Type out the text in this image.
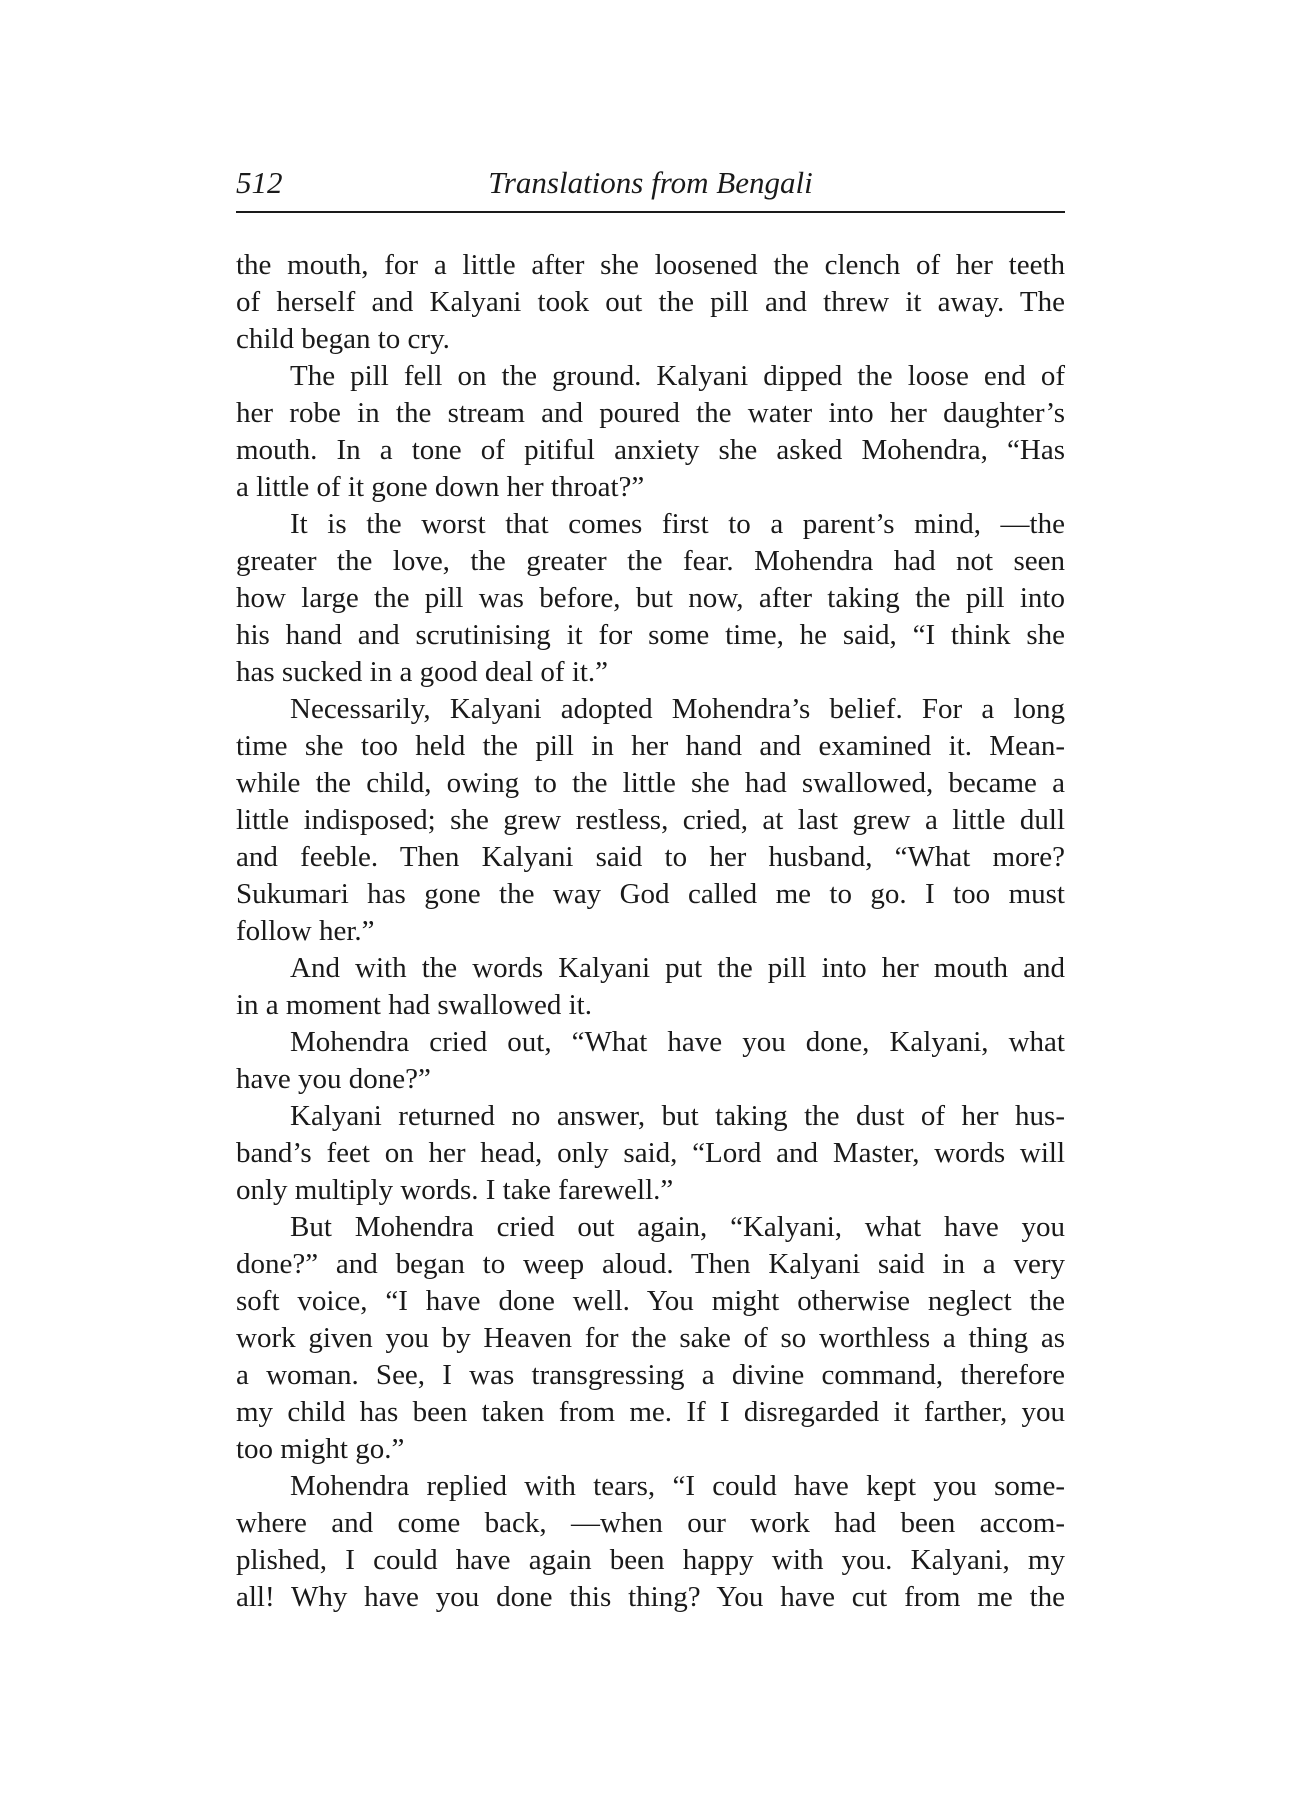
512	Translations from Bengali
the mouth, for a little after she loosened the clench of her teeth
of herself and Kalyani took out the pill and threw it away. The
child began to cry.
The pill fell on the ground. Kalyani dipped the loose end of
her robe in the stream and poured the water into her daughter’s
mouth. In a tone of pitiful anxiety she asked Mohendra, “Has
a little of it gone down her throat?”
It is the worst that comes first to a parent’s mind, —the
greater the love, the greater the fear. Mohendra had not seen
how large the pill was before, but now, after taking the pill into
his hand and scrutinising it for some time, he said, “I think she
has sucked in a good deal of it.”
Necessarily, Kalyani adopted Mohendra’s belief. For a long
time she too held the pill in her hand and examined it. Mean-
while the child, owing to the little she had swallowed, became a
little indisposed; she grew restless, cried, at last grew a little dull
and feeble. Then Kalyani said to her husband, “What more?
Sukumari has gone the way God called me to go. I too must
follow her.”
And with the words Kalyani put the pill into her mouth and
in a moment had swallowed it.
Mohendra cried out, “What have you done, Kalyani, what
have you done?”
Kalyani returned no answer, but taking the dust of her hus-
band’s feet on her head, only said, “Lord and Master, words will
only multiply words. I take farewell.”
But Mohendra cried out again, “Kalyani, what have you
done?” and began to weep aloud. Then Kalyani said in a very
soft voice, “I have done well. You might otherwise neglect the
work given you by Heaven for the sake of so worthless a thing as
a woman. See, I was transgressing a divine command, therefore
my child has been taken from me. If I disregarded it farther, you
too might go.”
Mohendra replied with tears, “I could have kept you some-
where and come back, —when our work had been accom-
plished, I could have again been happy with you. Kalyani, my
all! Why have you done this thing? You have cut from me the
